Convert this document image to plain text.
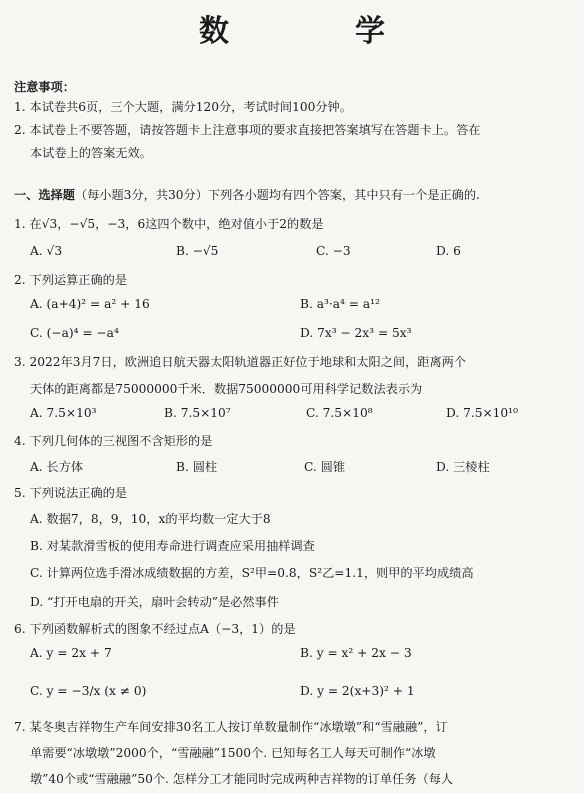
数　学
注意事项：
1. 本试卷共6页，三个大题，满分120分，考试时间100分钟。
2. 本试卷上不要答题，请按答题卡上注意事项的要求直接把答案填写在答题卡上。答在
本试卷上的答案无效。
一、选择题（每小题3分，共30分）下列各小题均有四个答案，其中只有一个是正确的.
1. 在√3，−√5，−3，6这四个数中，绝对值小于2的数是
A. √3	B. −√5	C. −3	D. 6
2. 下列运算正确的是
A. (a+4)² = a² + 16	B. a³·a⁴ = a¹²
C. (−a)⁴ = −a⁴	D. 7x³ − 2x³ = 5x³
3. 2022年3月7日，欧洲追日航天器太阳轨道器正好位于地球和太阳之间，距离两个
天体的距离都是75000000千米．数据75000000可用科学记数法表示为
A. 7.5×10³	B. 7.5×10⁷	C. 7.5×10⁸	D. 7.5×10¹⁰
4. 下列几何体的三视图不含矩形的是
A. 长方体	B. 圆柱	C. 圆锥	D. 三棱柱
5. 下列说法正确的是
A. 数据7，8，9，10，x的平均数一定大于8
B. 对某款滑雪板的使用寿命进行调查应采用抽样调查
C. 计算两位选手滑冰成绩数据的方差，S²甲=0.8，S²乙=1.1，则甲的平均成绩高
D. “打开电扇的开关，扇叶会转动”是必然事件
6. 下列函数解析式的图象不经过点A（−3，1）的是
A. y = 2x + 7	B. y = x² + 2x − 3
C. y = −3/x (x ≠ 0)	D. y = 2(x+3)² + 1
7. 某冬奥吉祥物生产车间安排30名工人按订单数量制作“冰墩墩”和“雪融融”，订
单需要“冰墩墩”2000个，“雪融融”1500个. 已知每名工人每天可制作“冰墩
墩”40个或“雪融融”50个. 怎样分工才能同时完成两种吉祥物的订单任务（每人
